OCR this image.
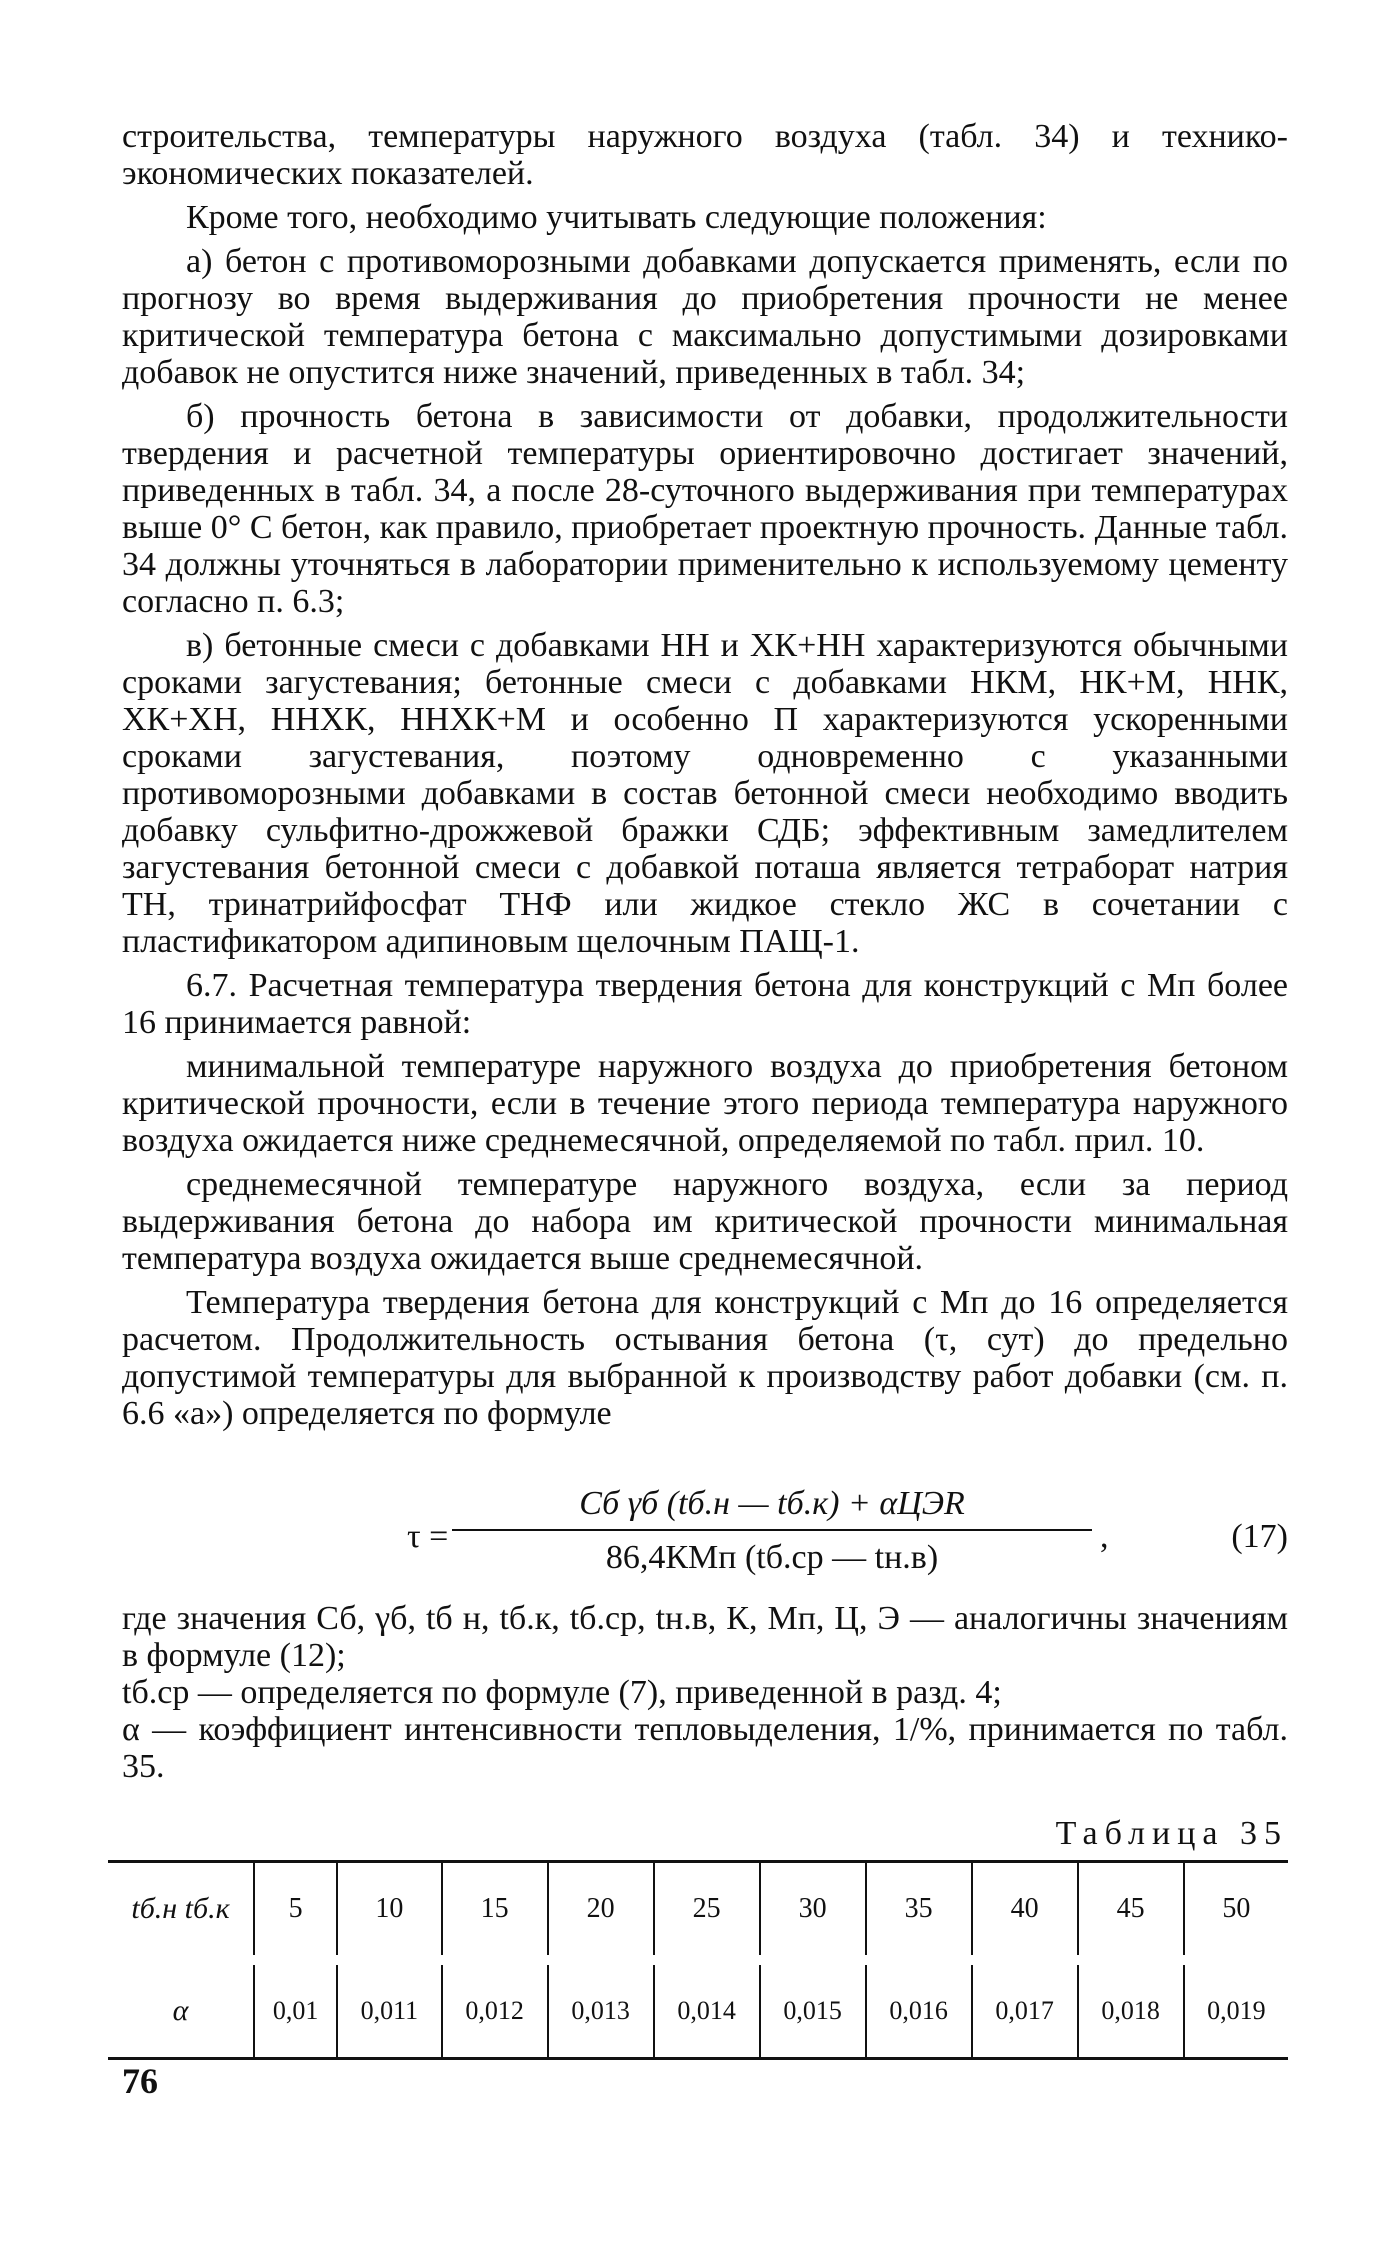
строительства, температуры наружного воздуха (табл. 34) и технико-экономических показателей.

Кроме того, необходимо учитывать следующие положения:

а) бетон с противоморозными добавками допускается применять, если по прогнозу во время выдерживания до приобретения прочности не менее критической температура бетона с максимально допустимыми дозировками добавок не опустится ниже значений, приведенных в табл. 34;

б) прочность бетона в зависимости от добавки, продолжительности твердения и расчетной температуры ориентировочно достигает значений, приведенных в табл. 34, а после 28-суточного выдерживания при температурах выше 0° С бетон, как правило, приобретает проектную прочность. Данные табл. 34 должны уточняться в лаборатории применительно к используемому цементу согласно п. 6.3;

в) бетонные смеси с добавками НН и ХК+НН характеризуются обычными сроками загустевания; бетонные смеси с добавками НКМ, НК+М, ННК, ХК+ХН, ННХК, ННХК+М и особенно П характеризуются ускоренными сроками загустевания, поэтому одновременно с указанными противоморозными добавками в состав бетонной смеси необходимо вводить добавку сульфитно-дрожжевой бражки СДБ; эффективным замедлителем загустевания бетонной смеси с добавкой поташа является тетраборат натрия ТН, тринатрийфосфат ТНФ или жидкое стекло ЖС в сочетании с пластификатором адипиновым щелочным ПАЩ-1.

6.7. Расчетная температура твердения бетона для конструкций с Мп более 16 принимается равной:

минимальной температуре наружного воздуха до приобретения бетоном критической прочности, если в течение этого периода температура наружного воздуха ожидается ниже среднемесячной, определяемой по табл. прил. 10.

среднемесячной температуре наружного воздуха, если за период выдерживания бетона до набора им критической прочности минимальная температура воздуха ожидается выше среднемесячной.

Температура твердения бетона для конструкций с Мп до 16 определяется расчетом. Продолжительность остывания бетона (τ, сут) до предельно допустимой температуры для выбранной к производству работ добавки (см. п. 6.6 «а») определяется по формуле

τ =
Сб γб (tб.н — tб.к) + αЦЭR
86,4КМп (tб.ср — tн.в)
,	(17)

где значения Сб, γб, tб н, tб.к, tб.ср, tн.в, К, Мп, Ц, Э — аналогичны значениям в формуле (12);

tб.ср — определяется по формуле (7), приведенной в разд. 4;

α — коэффициент интенсивности тепловыделения, 1/%, принимается по табл. 35.

Таблица 35
tб.н tб.к	5	10	15	20	25	30	35	40	45	50
α	0,01	0,011	0,012	0,013	0,014	0,015	0,016	0,017	0,018	0,019
76
